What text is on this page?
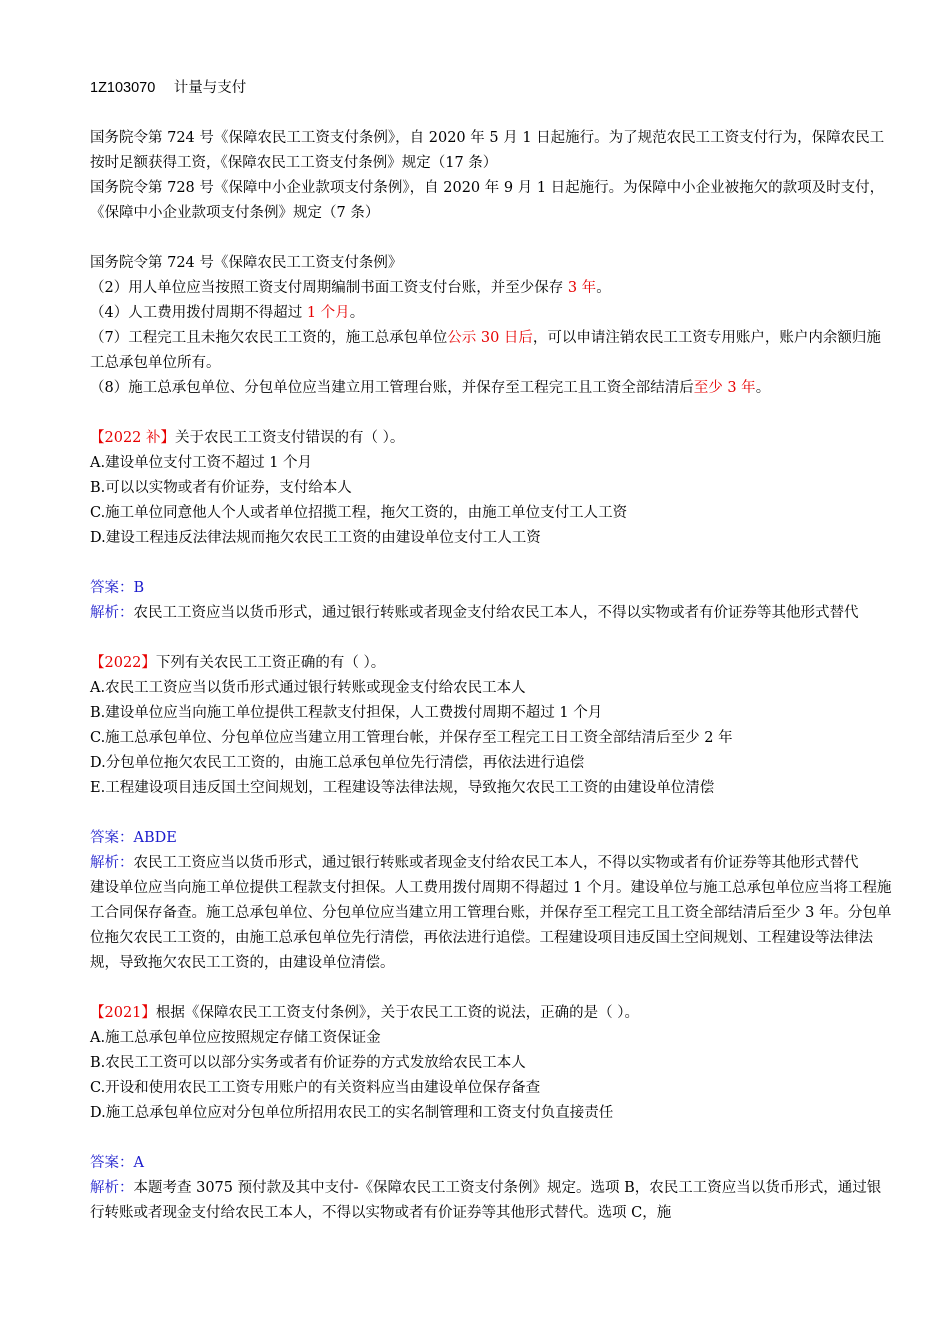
1Z103070 计量与支付
国务院令第 724 号《保障农民工工资支付条例》，自 2020 年 5 月 1 日起施行。为了规范农民工工资支付行为，保障农民工按时足额获得工资，《保障农民工工资支付条例》规定（17 条）
国务院令第 728 号《保障中小企业款项支付条例》，自 2020 年 9 月 1 日起施行。为保障中小企业被拖欠的款项及时支付，《保障中小企业款项支付条例》规定（7 条）
国务院令第 724 号《保障农民工工资支付条例》
（2）用人单位应当按照工资支付周期编制书面工资支付台账，并至少保存 3 年。
（4）人工费用拨付周期不得超过 1 个月。
（7）工程完工且未拖欠农民工工资的，施工总承包单位公示 30 日后，可以申请注销农民工工资专用账户，账户内余额归施工总承包单位所有。
（8）施工总承包单位、分包单位应当建立用工管理台账，并保存至工程完工且工资全部结清后至少 3 年。
【2022 补】关于农民工工资支付错误的有（ ）。
A.建设单位支付工资不超过 1 个月
B.可以以实物或者有价证券，支付给本人
C.施工单位同意他人个人或者单位招揽工程，拖欠工资的，由施工单位支付工人工资
D.建设工程违反法律法规而拖欠农民工工资的由建设单位支付工人工资
答案：B
解析：农民工工资应当以货币形式，通过银行转账或者现金支付给农民工本人，不得以实物或者有价证券等其他形式替代
【2022】下列有关农民工工资正确的有（ ）。
A.农民工工资应当以货币形式通过银行转账或现金支付给农民工本人
B.建设单位应当向施工单位提供工程款支付担保，人工费拨付周期不超过 1 个月
C.施工总承包单位、分包单位应当建立用工管理台帐，并保存至工程完工日工资全部结清后至少 2 年
D.分包单位拖欠农民工工资的，由施工总承包单位先行清偿，再依法进行追偿
E.工程建设项目违反国土空间规划，工程建设等法律法规，导致拖欠农民工工资的由建设单位清偿
答案：ABDE
解析：农民工工资应当以货币形式，通过银行转账或者现金支付给农民工本人，不得以实物或者有价证券等其他形式替代
建设单位应当向施工单位提供工程款支付担保。人工费用拨付周期不得超过 1 个月。建设单位与施工总承包单位应当将工程施工合同保存备查。施工总承包单位、分包单位应当建立用工管理台账，并保存至工程完工且工资全部结清后至少 3 年。分包单位拖欠农民工工资的，由施工总承包单位先行清偿，再依法进行追偿。工程建设项目违反国土空间规划、工程建设等法律法规，导致拖欠农民工工资的，由建设单位清偿。
【2021】根据《保障农民工工资支付条例》，关于农民工工资的说法，正确的是（ ）。
A.施工总承包单位应按照规定存储工资保证金
B.农民工工资可以以部分实务或者有价证券的方式发放给农民工本人
C.开设和使用农民工工资专用账户的有关资料应当由建设单位保存备查
D.施工总承包单位应对分包单位所招用农民工的实名制管理和工资支付负直接责任
答案：A
解析：本题考查 3075 预付款及其中支付-《保障农民工工资支付条例》规定。选项 B，农民工工资应当以货币形式，通过银行转账或者现金支付给农民工本人，不得以实物或者有价证券等其他形式替代。选项 C，施
